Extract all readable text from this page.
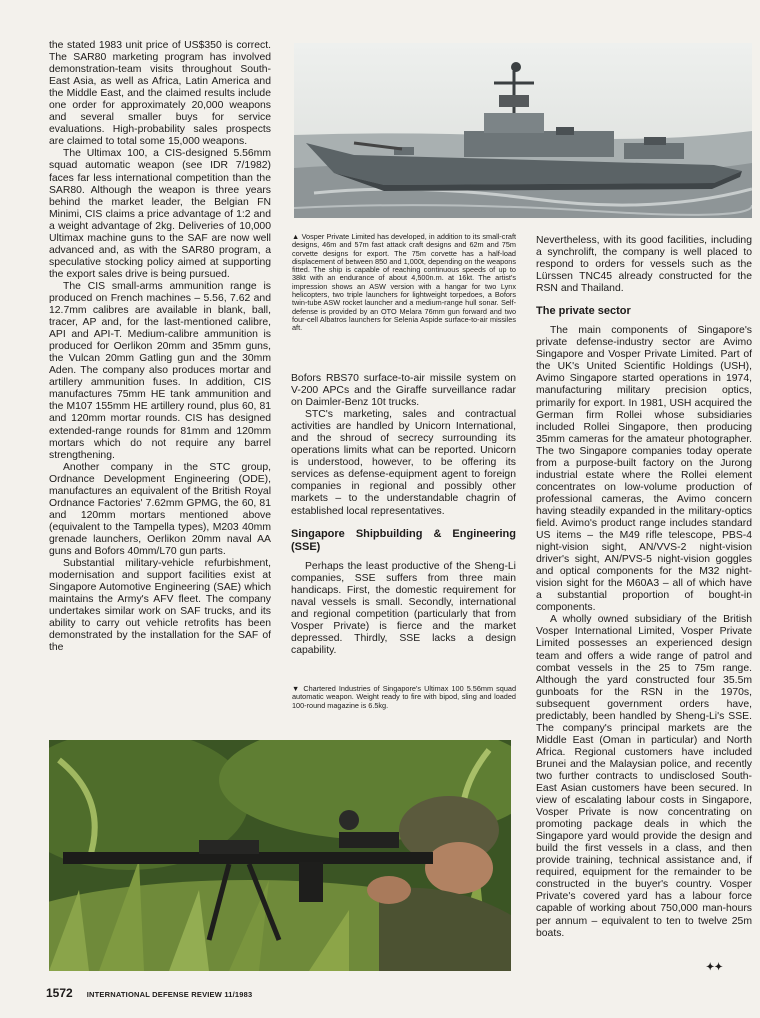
the stated 1983 unit price of US$350 is correct. The SAR80 marketing program has involved demonstration-team visits throughout South-East Asia, as well as Africa, Latin America and the Middle East, and the claimed results include one order for approximately 20,000 weapons and several smaller buys for service evaluations. High-probability sales prospects are claimed to total some 15,000 weapons.

The Ultimax 100, a CIS-designed 5.56mm squad automatic weapon (see IDR 7/1982) faces far less international competition than the SAR80. Although the weapon is three years behind the market leader, the Belgian FN Minimi, CIS claims a price advantage of 1:2 and a weight advantage of 2kg. Deliveries of 10,000 Ultimax machine guns to the SAF are now well advanced and, as with the SAR80 program, a speculative stocking policy aimed at supporting the export sales drive is being pursued.

The CIS small-arms ammunition range is produced on French machines – 5.56, 7.62 and 12.7mm calibres are available in blank, ball, tracer, AP and, for the last-mentioned calibre, API and API-T. Medium-calibre ammunition is produced for Oerlikon 20mm and 35mm guns, the Vulcan 20mm Gatling gun and the 30mm Aden. The company also produces mortar and artillery ammunition fuses. In addition, CIS manufactures 75mm HE tank ammunition and the M107 155mm HE artillery round, plus 60, 81 and 120mm mortar rounds. CIS has designed extended-range rounds for 81mm and 120mm mortars which do not require any barrel strengthening.

Another company in the STC group, Ordnance Development Engineering (ODE), manufactures an equivalent of the British Royal Ordnance Factories' 7.62mm GPMG, the 60, 81 and 120mm mortars mentioned above (equivalent to the Tampella types), M203 40mm grenade launchers, Oerlikon 20mm naval AA guns and Bofors 40mm/L70 gun parts.

Substantial military-vehicle refurbishment, modernisation and support facilities exist at Singapore Automotive Engineering (SAE) which maintains the Army's AFV fleet. The company undertakes similar work on SAF trucks, and its ability to carry out vehicle retrofits has been demonstrated by the installation for the SAF of the

▲ Vosper Private Limited has developed, in addition to its small-craft designs, 46m and 57m fast attack craft designs and 62m and 75m corvette designs for export. The 75m corvette has a half-load displacement of between 850 and 1,000t, depending on the weapons fitted. The ship is capable of reaching continuous speeds of up to 38kt with an endurance of about 4,500n.m. at 16kt. The artist's impression shows an ASW version with a hangar for two Lynx helicopters, two triple launchers for lightweight torpedoes, a Bofors twin-tube ASW rocket launcher and a medium-range hull sonar. Self-defense is provided by an OTO Melara 76mm gun forward and two four-cell Albatros launchers for Selenia Aspide surface-to-air missiles aft.

Bofors RBS70 surface-to-air missile system on V-200 APCs and the Giraffe surveillance radar on Daimler-Benz 10t trucks.

STC's marketing, sales and contractual activities are handled by Unicorn International, and the shroud of secrecy surrounding its operations limits what can be reported. Unicorn is understood, however, to be offering its services as defense-equipment agent to foreign companies in regional and possibly other markets – to the understandable chagrin of established local representatives.

Singapore Shipbuilding & Engineering (SSE)

Perhaps the least productive of the Sheng-Li companies, SSE suffers from three main handicaps. First, the domestic requirement for naval vessels is small. Secondly, international and regional competition (particularly that from Vosper Private) is fierce and the market depressed. Thirdly, SSE lacks a design capability.

▼ Chartered Industries of Singapore's Ultimax 100 5.56mm squad automatic weapon. Weight ready to fire with bipod, sling and loaded 100-round magazine is 6.5kg.

Nevertheless, with its good facilities, including a synchrolift, the company is well placed to respond to orders for vessels such as the Lürssen TNC45 already constructed for the RSN and Thailand.

The private sector

The main components of Singapore's private defense-industry sector are Avimo Singapore and Vosper Private Limited. Part of the UK's United Scientific Holdings (USH), Avimo Singapore started operations in 1974, manufacturing military precision optics, primarily for export. In 1981, USH acquired the German firm Rollei whose subsidiaries included Rollei Singapore, then producing 35mm cameras for the amateur photographer. The two Singapore companies today operate from a purpose-built factory on the Jurong industrial estate where the Rollei element concentrates on low-volume production of professional cameras, the Avimo concern having steadily expanded in the military-optics field. Avimo's product range includes standard US items – the M49 rifle telescope, PBS-4 night-vision sight, AN/VVS-2 night-vision driver's sight, AN/PVS-5 night-vision goggles and optical components for the M32 night-vision sight for the M60A3 – all of which have a substantial proportion of bought-in components.

A wholly owned subsidiary of the British Vosper International Limited, Vosper Private Limited possesses an experienced design team and offers a wide range of patrol and combat vessels in the 25 to 75m range. Although the yard constructed four 35.5m gunboats for the RSN in the 1970s, subsequent government orders have, predictably, been handled by Sheng-Li's SSE. The company's principal markets are the Middle East (Oman in particular) and North Africa. Regional customers have included Brunei and the Malaysian police, and recently two further contracts to undisclosed South-East Asian customers have been secured. In view of escalating labour costs in Singapore, Vosper Private is now concentrating on promoting package deals in which the Singapore yard would provide the design and build the first vessels in a class, and then provide training, technical assistance and, if required, equipment for the remainder to be constructed in the buyer's country. Vosper Private's covered yard has a labour force capable of working about 750,000 man-hours per annum – equivalent to ten to twelve 25m boats.

✦✦
1572 INTERNATIONAL DEFENSE REVIEW 11/1983
